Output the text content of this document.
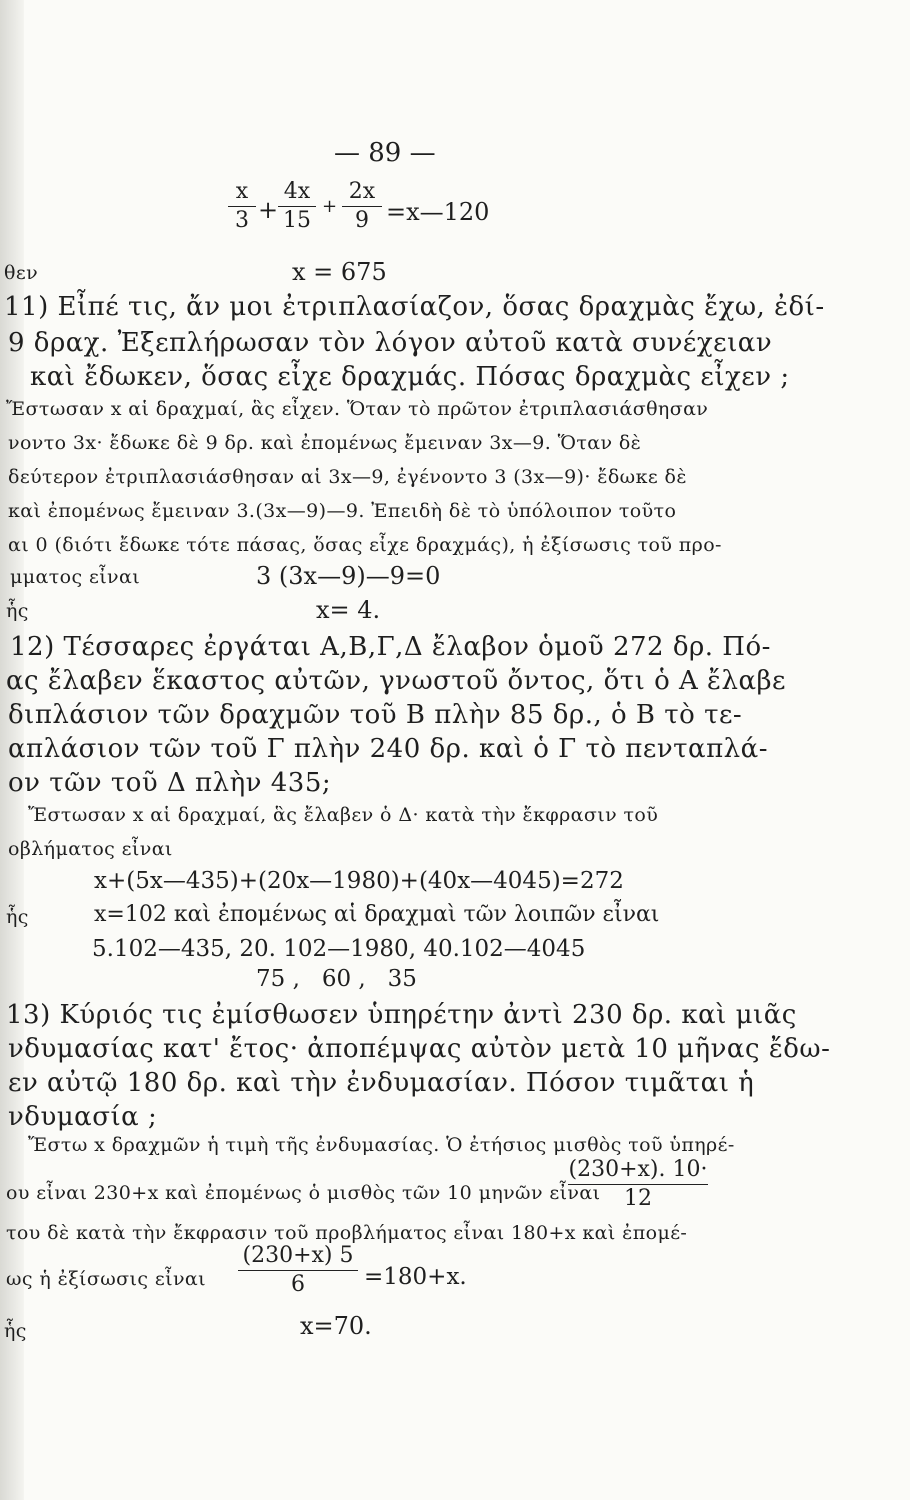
— 89 —
x
3 +
4x
15
+
2x
9 =x—120
θεν	x = 675
11) Εἶπέ τις, ἄν μοι ἐτριπλασίαζον, ὅσας δραχμὰς ἔχω, ἐδί-
9 δραχ. Ἐξεπλήρωσαν τὸν λόγον αὐτοῦ κατὰ συνέχειαν
καὶ ἔδωκεν, ὅσας εἶχε δραχμάς. Πόσας δραχμὰς εἶχεν ;
Ἔστωσαν x αἱ δραχμαί, ἃς εἶχεν. Ὅταν τὸ πρῶτον ἐτριπλασιάσθησαν
νοντο 3x· ἔδωκε δὲ 9 δρ. καὶ ἐπομένως ἔμειναν 3x—9. Ὅταν δὲ
δεύτερον ἐτριπλασιάσθησαν αἱ 3x—9, ἐγένοντο 3 (3x—9)· ἔδωκε δὲ
καὶ ἐπομένως ἔμειναν 3.(3x—9)—9. Ἐπειδὴ δὲ τὸ ὑπόλοιπον τοῦτο
αι 0 (διότι ἔδωκε τότε πάσας, ὅσας εἶχε δραχμάς), ἡ ἐξίσωσις τοῦ προ-
μματος εἶναι	3 (3x—9)—9=0
ἧς	x= 4.
12) Τέσσαρες ἐργάται Α,Β,Γ,Δ ἔλαβον ὁμοῦ 272 δρ. Πό-
ας ἔλαβεν ἕκαστος αὐτῶν, γνωστοῦ ὄντος, ὅτι ὁ Α ἔλαβε
διπλάσιον τῶν δραχμῶν τοῦ Β πλὴν 85 δρ., ὁ Β τὸ τε-
απλάσιον τῶν τοῦ Γ πλὴν 240 δρ. καὶ ὁ Γ τὸ πενταπλά-
ον τῶν τοῦ Δ πλὴν 435;
Ἔστωσαν x αἱ δραχμαί, ἃς ἔλαβεν ὁ Δ· κατὰ τὴν ἔκφρασιν τοῦ
οβλήματος εἶναι
x+(5x—435)+(20x—1980)+(40x—4045)=272
ἧς	x=102 καὶ ἐπομένως αἱ δραχμαὶ τῶν λοιπῶν εἶναι
5.102—435, 20. 102—1980, 40.102—4045
75 ,   60 ,   35
13) Κύριός τις ἐμίσθωσεν ὑπηρέτην ἀντὶ 230 δρ. καὶ μιᾶς
νδυμασίας κατ' ἔτος· ἀποπέμψας αὐτὸν μετὰ 10 μῆνας ἔδω-
εν αὐτῷ 180 δρ. καὶ τὴν ἐνδυμασίαν. Πόσον τιμᾶται ἡ
νδυμασία ;
Ἔστω x δραχμῶν ἡ τιμὴ τῆς ἐνδυμασίας. Ὁ ἐτήσιος μισθὸς τοῦ ὑπηρέ-
ου εἶναι 230+x καὶ ἐπομένως ὁ μισθὸς τῶν 10 μηνῶν εἶναι
(230+x). 10·
12
του δὲ κατὰ τὴν ἔκφρασιν τοῦ προβλήματος εἶναι 180+x καὶ ἐπομέ-
ως ἡ ἐξίσωσις εἶναι
(230+x) 5
6	=180+x.
ἧς	x=70.
